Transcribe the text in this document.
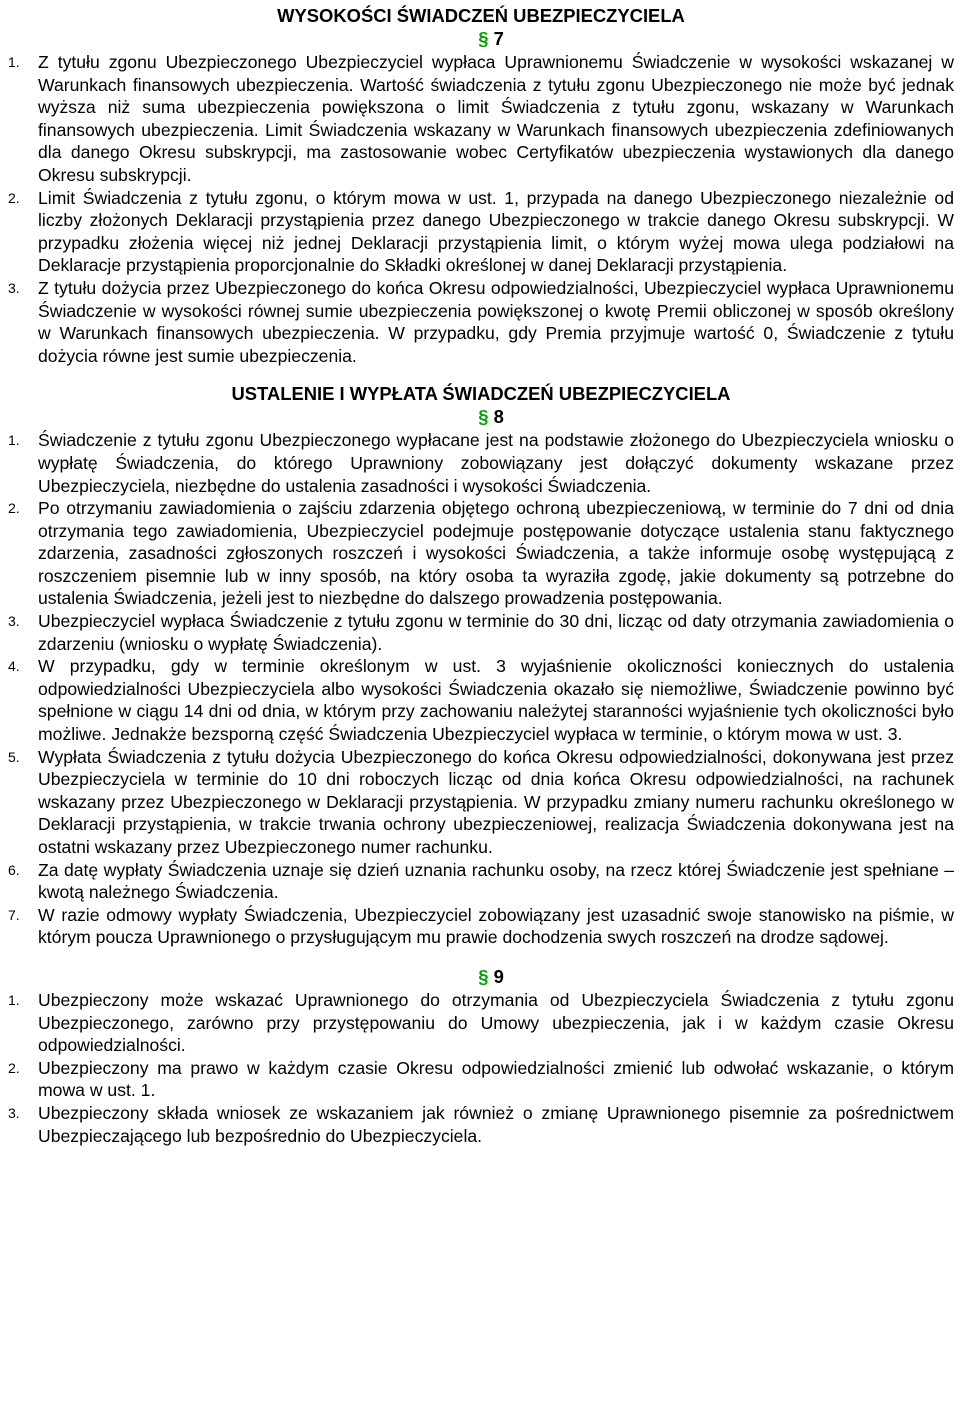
WYSOKOŚCI ŚWIADCZEŃ UBEZPIECZYCIELA
§ 7
1.	Z tytułu zgonu Ubezpieczonego Ubezpieczyciel wypłaca Uprawnionemu Świadczenie w wysokości wskazanej w Warunkach finansowych ubezpieczenia. Wartość świadczenia z tytułu zgonu Ubezpieczonego nie może być jednak wyższa niż suma ubezpieczenia powiększona o limit Świadczenia z tytułu zgonu, wskazany w Warunkach finansowych ubezpieczenia. Limit Świadczenia wskazany w Warunkach finansowych ubezpieczenia zdefiniowanych dla danego Okresu subskrypcji, ma zastosowanie wobec Certyfikatów ubezpieczenia wystawionych dla danego Okresu subskrypcji.
2.	Limit Świadczenia z tytułu zgonu, o którym mowa w ust. 1, przypada na danego Ubezpieczonego niezależnie od liczby złożonych Deklaracji przystąpienia przez danego Ubezpieczonego w trakcie danego Okresu subskrypcji. W przypadku złożenia więcej niż jednej Deklaracji przystąpienia limit, o którym wyżej mowa ulega podziałowi na Deklaracje przystąpienia proporcjonalnie do Składki określonej w danej Deklaracji przystąpienia.
3.	Z tytułu dożycia przez Ubezpieczonego do końca Okresu odpowiedzialności, Ubezpieczyciel wypłaca Uprawnionemu Świadczenie w wysokości równej sumie ubezpieczenia powiększonej o kwotę Premii obliczonej w sposób określony w Warunkach finansowych ubezpieczenia. W przypadku, gdy Premia przyjmuje wartość 0, Świadczenie z tytułu dożycia równe jest sumie ubezpieczenia.
USTALENIE I WYPŁATA ŚWIADCZEŃ UBEZPIECZYCIELA
§ 8
1.	Świadczenie z tytułu zgonu Ubezpieczonego wypłacane jest na podstawie złożonego do Ubezpieczyciela wniosku o wypłatę Świadczenia, do którego Uprawniony zobowiązany jest dołączyć dokumenty wskazane przez Ubezpieczyciela, niezbędne do ustalenia zasadności i wysokości Świadczenia.
2.	Po otrzymaniu zawiadomienia o zajściu zdarzenia objętego ochroną ubezpieczeniową, w terminie do 7 dni od dnia otrzymania tego zawiadomienia, Ubezpieczyciel podejmuje postępowanie dotyczące ustalenia stanu faktycznego zdarzenia, zasadności zgłoszonych roszczeń i wysokości Świadczenia, a także informuje osobę występującą z roszczeniem pisemnie lub w inny sposób, na który osoba ta wyraziła zgodę, jakie dokumenty są potrzebne do ustalenia Świadczenia, jeżeli jest to niezbędne do dalszego prowadzenia postępowania.
3.	Ubezpieczyciel wypłaca Świadczenie z tytułu zgonu w terminie do 30 dni, licząc od daty otrzymania zawiadomienia o zdarzeniu (wniosku o wypłatę Świadczenia).
4.	W przypadku, gdy w terminie określonym w ust. 3 wyjaśnienie okoliczności koniecznych do ustalenia odpowiedzialności Ubezpieczyciela albo wysokości Świadczenia okazało się niemożliwe, Świadczenie powinno być spełnione w ciągu 14 dni od dnia, w którym przy zachowaniu należytej staranności wyjaśnienie tych okoliczności było możliwe. Jednakże bezsporną część Świadczenia Ubezpieczyciel wypłaca w terminie, o którym mowa w ust. 3.
5.	Wypłata Świadczenia z tytułu dożycia Ubezpieczonego do końca Okresu odpowiedzialności, dokonywana jest przez Ubezpieczyciela w terminie do 10 dni roboczych licząc od dnia końca Okresu odpowiedzialności, na rachunek wskazany przez Ubezpieczonego w Deklaracji przystąpienia. W przypadku zmiany numeru rachunku określonego w Deklaracji przystąpienia, w trakcie trwania ochrony ubezpieczeniowej, realizacja Świadczenia dokonywana jest na ostatni wskazany przez Ubezpieczonego numer rachunku.
6.	Za datę wypłaty Świadczenia uznaje się dzień uznania rachunku osoby, na rzecz której Świadczenie jest spełniane – kwotą należnego Świadczenia.
7.	W razie odmowy wypłaty Świadczenia, Ubezpieczyciel zobowiązany jest uzasadnić swoje stanowisko na piśmie, w którym poucza Uprawnionego o przysługującym mu prawie dochodzenia swych roszczeń na drodze sądowej.
§ 9
1.	Ubezpieczony może wskazać Uprawnionego do otrzymania od Ubezpieczyciela Świadczenia z tytułu zgonu Ubezpieczonego, zarówno przy przystępowaniu do Umowy ubezpieczenia, jak i w każdym czasie Okresu odpowiedzialności.
2.	Ubezpieczony ma prawo w każdym czasie Okresu odpowiedzialności zmienić lub odwołać wskazanie, o którym mowa w ust. 1.
3.	Ubezpieczony składa wniosek ze wskazaniem jak również o zmianę Uprawnionego pisemnie za pośrednictwem Ubezpieczającego lub bezpośrednio do Ubezpieczyciela.
